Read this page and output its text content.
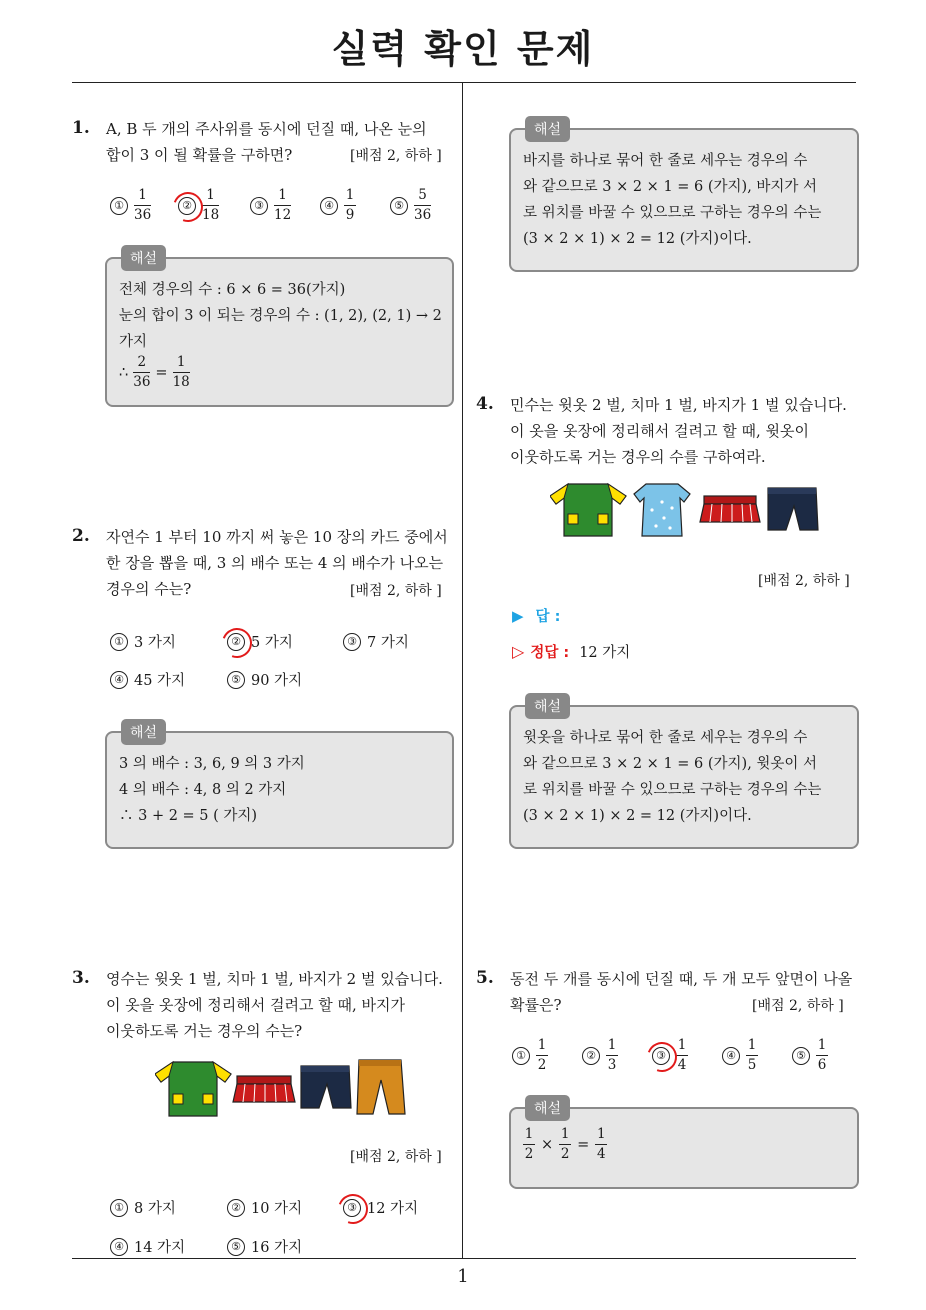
실력 확인 문제
1
1. A, B 두 개의 주사위를 동시에 던질 때, 나온 눈의
합이 3 이 될 확률을 구하면?	[배점 2, 하하 ]
① $\frac{1}{36}$	② $\frac{1}{18}$	③ $\frac{1}{12}$	④ $\frac{1}{9}$	⑤ $\frac{5}{36}$
해설
전체 경우의 수 : 6 × 6 = 36(가지)
눈의 합이 3 이 되는 경우의 수 : (1, 2), (2, 1) → 2
가지
∴ $\frac{2}{36} = \frac{1}{18}$
2. 자연수 1 부터 10 까지 써 놓은 10 장의 카드 중에서
한 장을 뽑을 때, 3 의 배수 또는 4 의 배수가 나오는
경우의 수는?	[배점 2, 하하 ]
① 3 가지	② 5 가지	③ 7 가지
④ 45 가지	⑤ 90 가지
해설
3 의 배수 : 3, 6, 9 의 3 가지
4 의 배수 : 4, 8 의 2 가지
∴ 3 + 2 = 5 ( 가지)
3. 영수는 윗옷 1 벌, 치마 1 벌, 바지가 2 벌 있습니다.
이 옷을 옷장에 정리해서 걸려고 할 때, 바지가
이웃하도록 거는 경우의 수는?
[배점 2, 하하 ]
① 8 가지	② 10 가지	③ 12 가지
④ 14 가지	⑤ 16 가지
해설
바지를 하나로 묶어 한 줄로 세우는 경우의 수
와 같으므로 3 × 2 × 1 = 6 (가지), 바지가 서
로 위치를 바꿀 수 있으므로 구하는 경우의 수는
(3 × 2 × 1) × 2 = 12 (가지)이다.
4. 민수는 윗옷 2 벌, 치마 1 벌, 바지가 1 벌 있습니다.
이 옷을 옷장에 정리해서 걸려고 할 때, 윗옷이
이웃하도록 거는 경우의 수를 구하여라.
[배점 2, 하하 ]
▶ 답 :
▷ 정답 : 12 가지
해설
윗옷을 하나로 묶어 한 줄로 세우는 경우의 수
와 같으므로 3 × 2 × 1 = 6 (가지), 윗옷이 서
로 위치를 바꿀 수 있으므로 구하는 경우의 수는
(3 × 2 × 1) × 2 = 12 (가지)이다.
5. 동전 두 개를 동시에 던질 때, 두 개 모두 앞면이 나올
확률은?	[배점 2, 하하 ]
① $\frac{1}{2}$	② $\frac{1}{3}$	③ $\frac{1}{4}$	④ $\frac{1}{5}$	⑤ $\frac{1}{6}$
해설
$\frac{1}{2} \times \frac{1}{2} = \frac{1}{4}$
